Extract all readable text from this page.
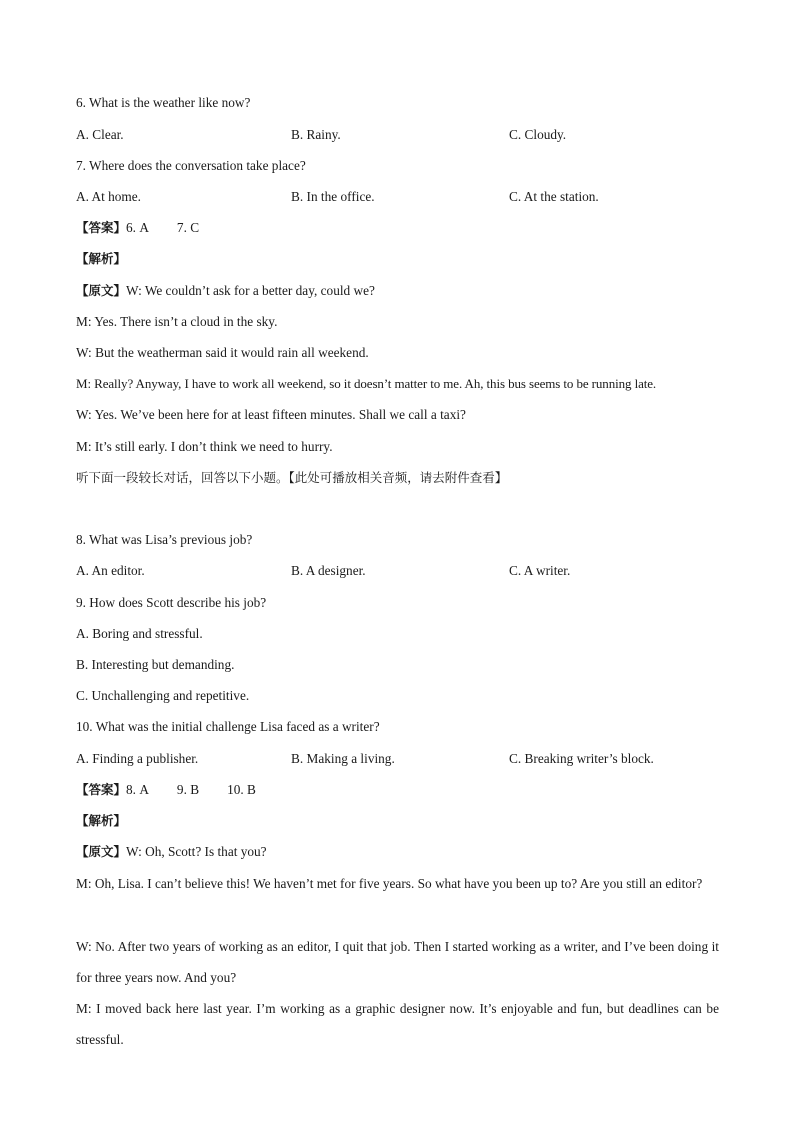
6. What is the weather like now?
A. Clear.	B. Rainy.	C. Cloudy.
7. Where does the conversation take place?
A. At home.	B. In the office.	C. At the station.
【答案】6. A 7. C
【解析】
【原文】W: We couldn’t ask for a better day, could we?
M: Yes. There isn’t a cloud in the sky.
W: But the weatherman said it would rain all weekend.
M: Really? Anyway, I have to work all weekend, so it doesn’t matter to me. Ah, this bus seems to be running late.
W: Yes. We’ve been here for at least fifteen minutes. Shall we call a taxi?
M: It’s still early. I don’t think we need to hurry.
听下面一段较长对话，回答以下小题。【此处可播放相关音频，请去附件查看】
8. What was Lisa’s previous job?
A. An editor.	B. A designer.	C. A writer.
9. How does Scott describe his job?
A. Boring and stressful.
B. Interesting but demanding.
C. Unchallenging and repetitive.
10. What was the initial challenge Lisa faced as a writer?
A. Finding a publisher.	B. Making a living.	C. Breaking writer’s block.
【答案】8. A 9. B 10. B
【解析】
【原文】W: Oh, Scott? Is that you?
M: Oh, Lisa. I can’t believe this! We haven’t met for five years. So what have you been up to? Are you still an editor?
W: No. After two years of working as an editor, I quit that job. Then I started working as a writer, and I’ve been doing it for three years now. And you?
M: I moved back here last year. I’m working as a graphic designer now. It’s enjoyable and fun, but deadlines can be stressful.
